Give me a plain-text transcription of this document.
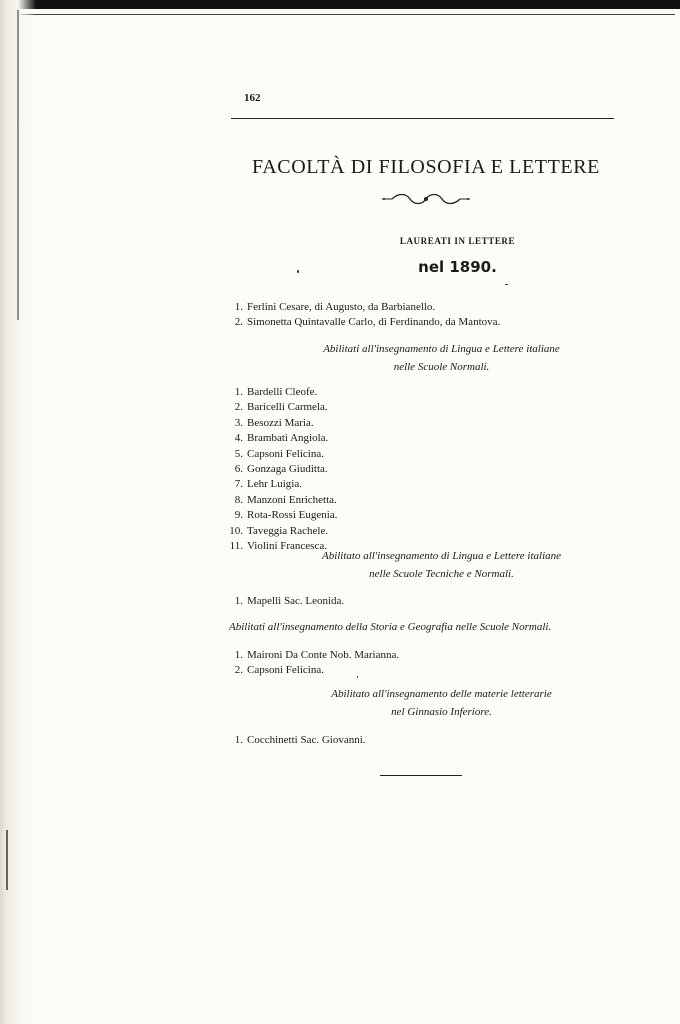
162
FACOLTÀ DI FILOSOFIA E LETTERE
LAUREATI IN LETTERE
nel 1890.
1. Ferlini Cesare, di Augusto, da Barbianello.
2. Simonetta Quintavalle Carlo, di Ferdinando, da Mantova.
Abilitati all'insegnamento di Lingua e Lettere italiane
nelle Scuole Normali.
1. Bardelli Cleofe.
2. Baricelli Carmela.
3. Besozzi Maria.
4. Brambati Angiola.
5. Capsoni Felicina.
6. Gonzaga Giuditta.
7. Lehr Luigia.
8. Manzoni Enrichetta.
9. Rota-Rossi Eugenia.
10. Taveggia Rachele.
11. Violini Francesca.
Abilitato all'insegnamento di Lingua e Lettere italiane
nelle Scuole Tecniche e Normali.
1. Mapelli Sac. Leonida.
Abilitati all'insegnamento della Storia e Geografia nelle Scuole Normali.
1. Maironi Da Conte Nob. Marianna.
2. Capsoni Felicina.
Abilitato all'insegnamento delle materie letterarie
nel Ginnasio Inferiore.
1. Cocchinetti Sac. Giovanni.
